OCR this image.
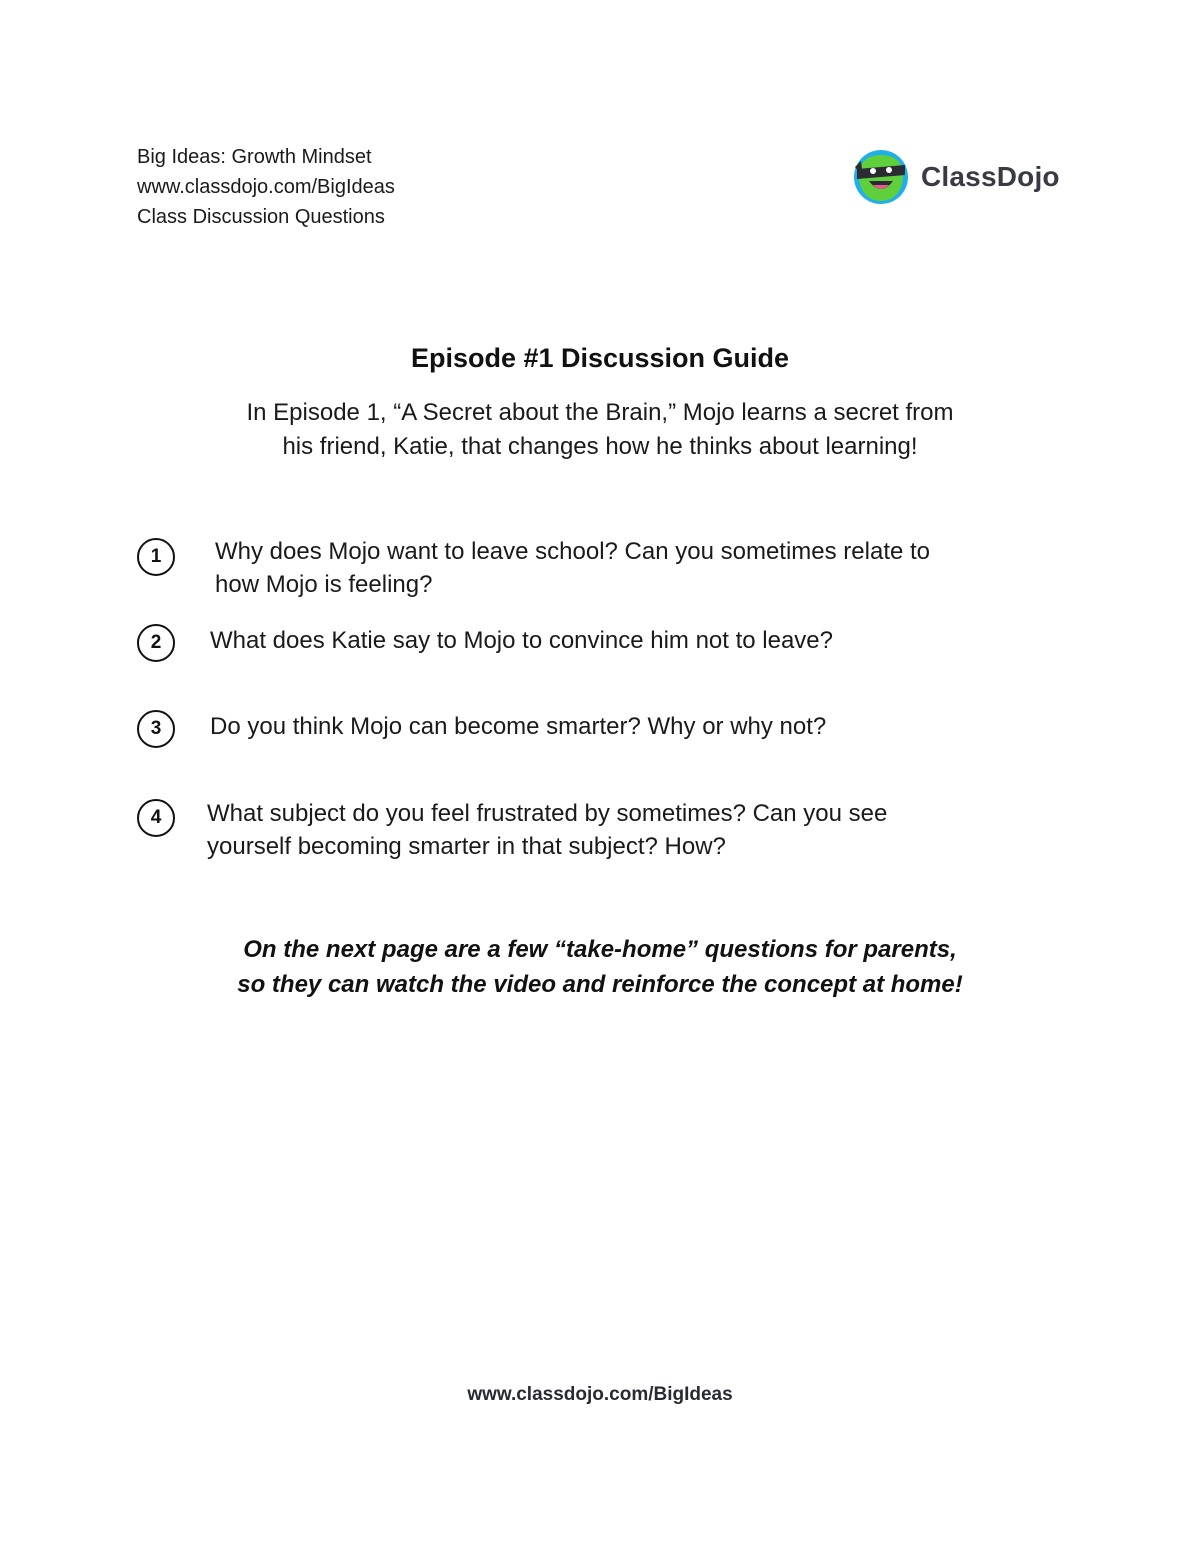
Big Ideas: Growth Mindset
www.classdojo.com/BigIdeas
Class Discussion Questions
ClassDojo
Episode #1 Discussion Guide
In Episode 1, “A Secret about the Brain,” Mojo learns a secret from
his friend, Katie, that changes how he thinks about learning!
1	Why does Mojo want to leave school? Can you sometimes relate to
how Mojo is feeling?
2	What does Katie say to Mojo to convince him not to leave?
3	Do you think Mojo can become smarter? Why or why not?
4	What subject do you feel frustrated by sometimes? Can you see
yourself becoming smarter in that subject? How?
On the next page are a few “take-home” questions for parents,
so they can watch the video and reinforce the concept at home!
www.classdojo.com/BigIdeas
